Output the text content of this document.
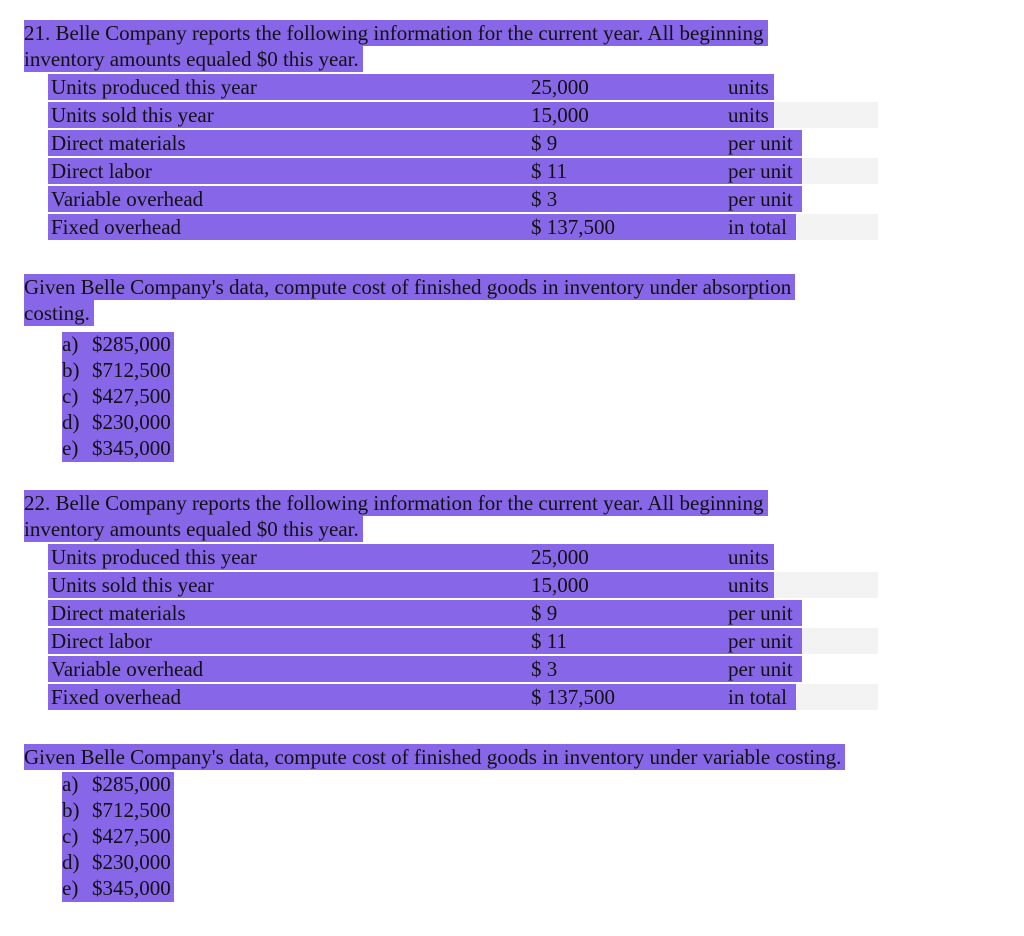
21. Belle Company reports the following information for the current year. All beginning
inventory amounts equaled $0 this year.
Units produced this year	25,000	units
Units sold this year	15,000	units
Direct materials	$ 9	per unit
Direct labor	$ 11	per unit
Variable overhead	$ 3	per unit
Fixed overhead	$ 137,500	in total
Given Belle Company's data, compute cost of finished goods in inventory under absorption
costing.
a) $285,000
b) $712,500
c) $427,500
d) $230,000
e) $345,000
22. Belle Company reports the following information for the current year. All beginning
inventory amounts equaled $0 this year.
Units produced this year	25,000	units
Units sold this year	15,000	units
Direct materials	$ 9	per unit
Direct labor	$ 11	per unit
Variable overhead	$ 3	per unit
Fixed overhead	$ 137,500	in total
Given Belle Company's data, compute cost of finished goods in inventory under variable costing.
a) $285,000
b) $712,500
c) $427,500
d) $230,000
e) $345,000
